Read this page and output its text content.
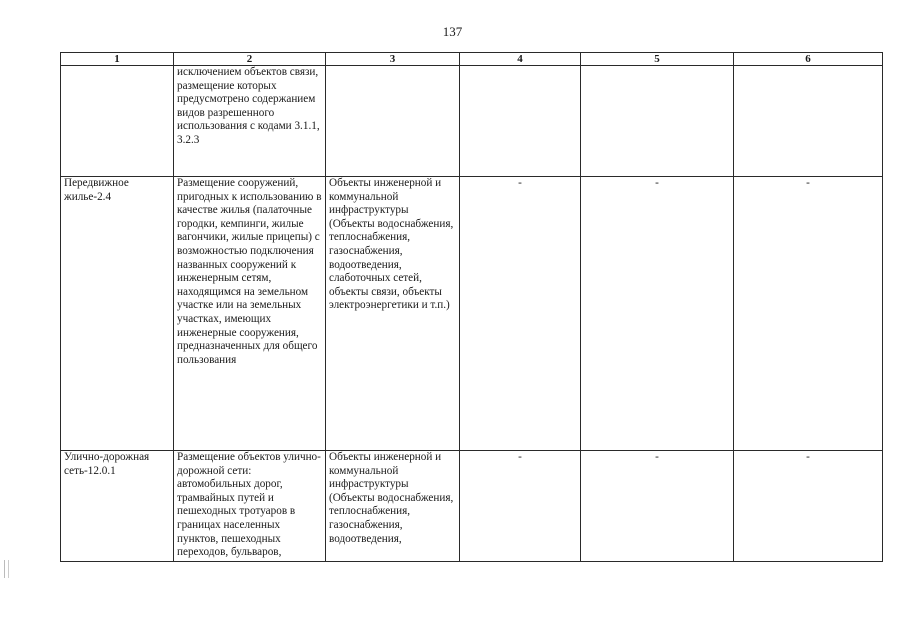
137
1	2	3	4	5	6
	исключением объектов связи, размещение которых предусмотрено содержанием видов разрешенного использования с кодами 3.1.1, 3.2.3				
Передвижное жилье-2.4	Размещение сооружений, пригодных к использованию в качестве жилья (палаточные городки, кемпинги, жилые вагончики, жилые прицепы) с возможностью подключения названных сооружений к инженерным сетям, находящимся на земельном участке или на земельных участках, имеющих инженерные сооружения, предназначенных для общего пользования	Объекты инженерной и коммунальной инфраструктуры (Объекты водоснабжения, теплоснабжения, газоснабжения, водоотведения, слаботочных сетей, объекты связи, объекты электроэнергетики и т.п.)	-	-	-

Улично-дорожная сеть-12.0.1	Размещение объектов улично-дорожной сети: автомобильных дорог, трамвайных путей и пешеходных тротуаров в границах населенных пунктов, пешеходных переходов, бульваров,	Объекты инженерной и коммунальной инфраструктуры (Объекты водоснабжения, теплоснабжения, газоснабжения, водоотведения,	-	-	-
